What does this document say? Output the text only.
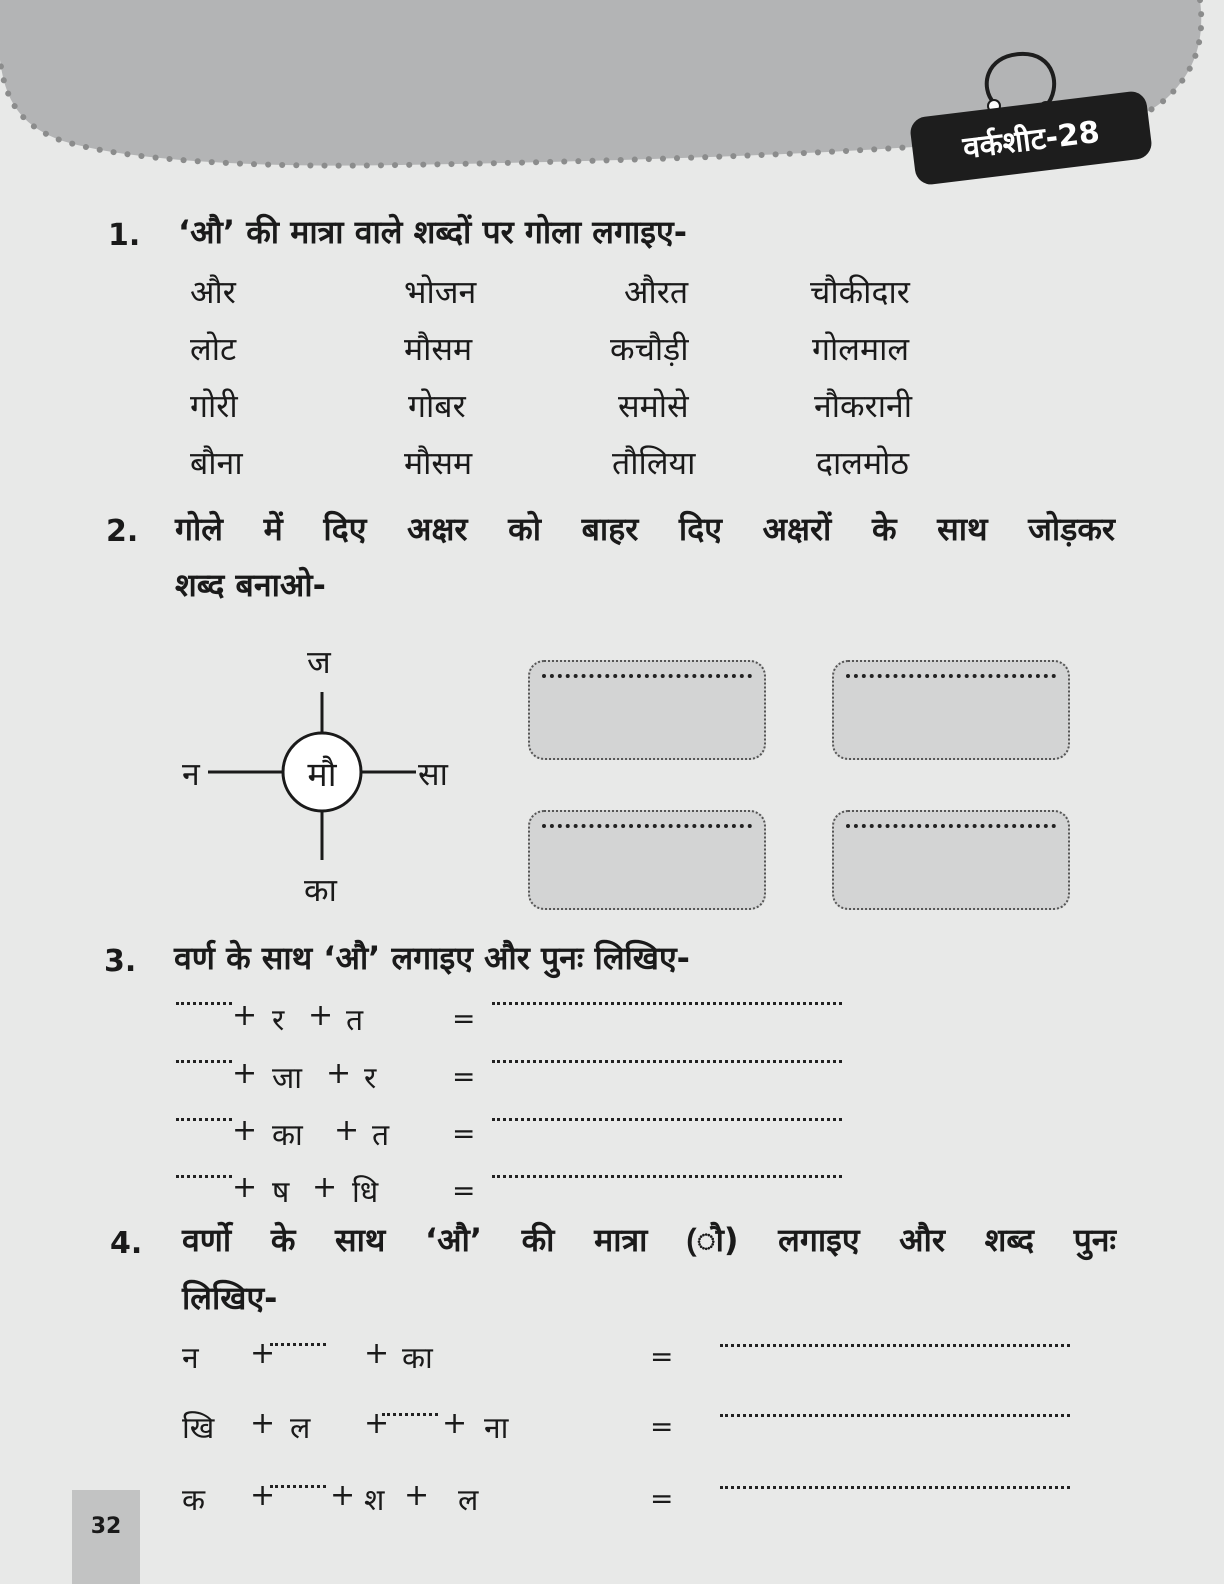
वर्कशीट-28
1. ‘औ’ की मात्रा वाले शब्दों पर गोला लगाइए-
और	भोजन	औरत	चौकीदार
लोट	मौसम	कचौड़ी	गोलमाल
गोरी	गोबर	समोसे	नौकरानी
बौना	मौसम	तौलिया	दालमोठ
2. गोले में दिए अक्षर को बाहर दिए अक्षरों के साथ जोड़कर
शब्द बनाओ-
मौ
ज
न	सा
का
3. वर्ण के साथ ‘औ’ लगाइए और पुनः लिखिए-
+ र + त	=
+ जा + र	=
+ का + त =
+ ष + धि	=
4. वर्णो के साथ ‘औ’ की मात्रा (ौ) लगाइए और शब्द पुनः
लिखिए-
न +	+ का	=
खि + ल + + ना	=
क + + श + ल	=
32
